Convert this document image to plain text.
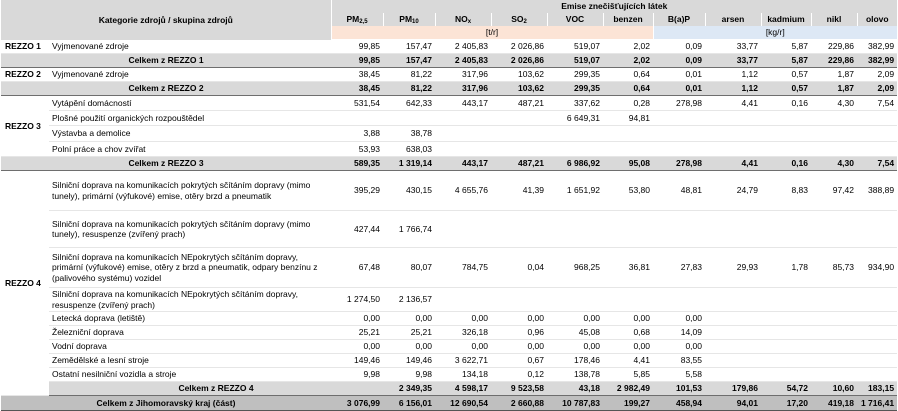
Kategorie zdrojů / skupina zdrojů		Emise znečišťujících látek											
		$PM_{2,5}$	$PM_{10}$	$NO_x$	$SO_2$	VOC	benzen	B(a)P	arsen	kadmium	nikl	olovo	
		[t/r]						[kg/r]					
REZZO 1	Vyjmenované zdroje	99,85	157,47	2 405,83	2 026,86	519,07	2,02	0,09	33,77	5,87	229,86	382,99	
Celkem z REZZO 1		99,85	157,47	2 405,83	2 026,86	519,07	2,02	0,09	33,77	5,87	229,86	382,99	
REZZO 2	Vyjmenované zdroje	38,45	81,22	317,96	103,62	299,35	0,64	0,01	1,12	0,57	1,87	2,09	
Celkem z REZZO 2		38,45	81,22	317,96	103,62	299,35	0,64	0,01	1,12	0,57	1,87	2,09	
REZZO 3	Vytápění domácností	531,54	642,33	443,17	487,21	337,62	0,28	278,98	4,41	0,16	4,30	7,54	
	Plošné použití organických rozpouštědel					6 649,31	94,81						
	Výstavba a demolice	3,88	38,78										
	Polní práce a chov zvířat	53,93	638,03										
Celkem z REZZO 3		589,35	1 319,14	443,17	487,21	6 986,92	95,08	278,98	4,41	0,16	4,30	7,54	
REZZO 4	Silniční doprava na komunikacích pokrytých sčítáním dopravy (mimo tunely), primární (výfukové) emise, otěry brzd a pneumatik	395,29	430,15	4 655,76	41,39	1 651,92	53,80	48,81	24,79	8,83	97,42	388,89	
	Silniční doprava na komunikacích pokrytých sčítáním dopravy (mimo tunely), resuspenze (zvířený prach)	427,44	1 766,74										
	Silniční doprava na komunikacích NEpokrytých sčítáním dopravy, primární (výfukové) emise, otěry z brzd a pneumatik, odpary benzínu z (palivového systému) vozidel	67,48	80,07	784,75	0,04	968,25	36,81	27,83	29,93	1,78	85,73	934,90	
	Silniční doprava na komunikacích NEpokrytých sčítáním dopravy, resuspenze (zvířený prach)	1 274,50	2 136,57										
	Letecká doprava (letiště)	0,00	0,00	0,00	0,00	0,00	0,00	0,00					
	Železniční doprava	25,21	25,21	326,18	0,96	45,08	0,68	14,09					
	Vodní doprava	0,00	0,00	0,00	0,00	0,00	0,00	0,00					
	Zemědělské a lesní stroje	149,46	149,46	3 622,71	0,67	178,46	4,41	83,55					
	Ostatní nesilniční vozidla a stroje	9,98	9,98	134,18	0,12	138,78	5,85	5,58					
	Celkem z REZZO 4		2 349,35	4 598,17	9 523,58	43,18	2 982,49	101,53	179,86	54,72	10,60	183,15	
Celkem z Jihomoravský kraj (část)		3 076,99	6 156,01	12 690,54	2 660,88	10 787,83	199,27	458,94	94,01	17,20	419,18	1 716,41	
